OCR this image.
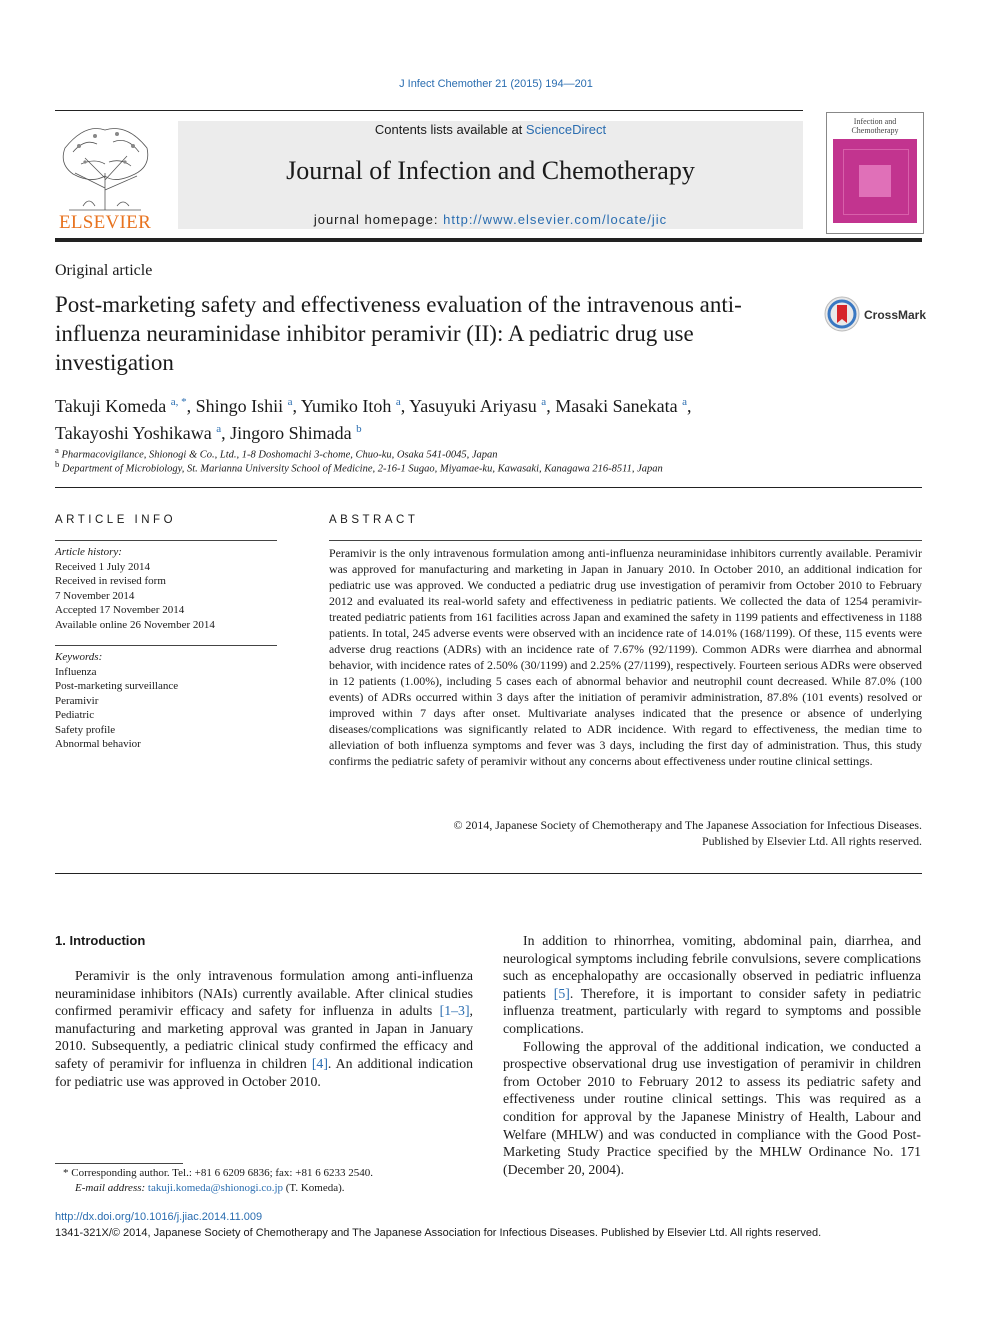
J Infect Chemother 21 (2015) 194—201
ELSEVIER
Contents lists available at ScienceDirect
Journal of Infection and Chemotherapy
journal homepage: http://www.elsevier.com/locate/jic
Infection and Chemotherapy
Original article
Post-marketing safety and effectiveness evaluation of the intravenous anti-influenza neuraminidase inhibitor peramivir (II): A pediatric drug use investigation
CrossMark
Takuji Komeda $^{a, *}$, Shingo Ishii $^a$, Yumiko Itoh $^a$, Yasuyuki Ariyasu $^a$, Masaki Sanekata $^a$,
Takayoshi Yoshikawa $^a$, Jingoro Shimada $^b$
$^a$ Pharmacovigilance, Shionogi & Co., Ltd., 1-8 Doshomachi 3-chome, Chuo-ku, Osaka 541-0045, Japan
$^b$ Department of Microbiology, St. Marianna University School of Medicine, 2-16-1 Sugao, Miyamae-ku, Kawasaki, Kanagawa 216-8511, Japan
ARTICLE INFO
Article history:
Received 1 July 2014
Received in revised form
7 November 2014
Accepted 17 November 2014
Available online 26 November 2014
Keywords:
Influenza
Post-marketing surveillance
Peramivir
Pediatric
Safety profile
Abnormal behavior
ABSTRACT
Peramivir is the only intravenous formulation among anti-influenza neuraminidase inhibitors currently available. Peramivir was approved for manufacturing and marketing in Japan in January 2010. In October 2010, an additional indication for pediatric use was approved. We conducted a pediatric drug use investigation of peramivir from October 2010 to February 2012 and evaluated its real-world safety and effectiveness in pediatric patients. We collected the data of 1254 peramivir-treated pediatric patients from 161 facilities across Japan and examined the safety in 1199 patients and effectiveness in 1188 patients. In total, 245 adverse events were observed with an incidence rate of 14.01% (168/1199). Of these, 115 events were adverse drug reactions (ADRs) with an incidence rate of 7.67% (92/1199). Common ADRs were diarrhea and abnormal behavior, with incidence rates of 2.50% (30/1199) and 2.25% (27/1199), respectively. Fourteen serious ADRs were observed in 12 patients (1.00%), including 5 cases each of abnormal behavior and neutrophil count decreased. While 87.0% (100 events) of ADRs occurred within 3 days after the initiation of peramivir administration, 87.8% (101 events) resolved or improved within 7 days after onset. Multivariate analyses indicated that the presence or absence of underlying diseases/complications was significantly related to ADR incidence. With regard to effectiveness, the median time to alleviation of both influenza symptoms and fever was 3 days, including the first day of administration. Thus, this study confirms the pediatric safety of peramivir without any concerns about effectiveness under routine clinical settings.
© 2014, Japanese Society of Chemotherapy and The Japanese Association for Infectious Diseases.
Published by Elsevier Ltd. All rights reserved.
1. Introduction

Peramivir is the only intravenous formulation among anti-influenza neuraminidase inhibitors (NAIs) currently available. After clinical studies confirmed peramivir efficacy and safety for influenza in adults [1–3], manufacturing and marketing approval was granted in Japan in January 2010. Subsequently, a pediatric clinical study confirmed the efficacy and safety of peramivir for influenza in children [4]. An additional indication for pediatric use was approved in October 2010.

In addition to rhinorrhea, vomiting, abdominal pain, diarrhea, and neurological symptoms including febrile convulsions, severe complications such as encephalopathy are occasionally observed in pediatric influenza patients [5]. Therefore, it is important to consider safety in pediatric influenza treatment, particularly with regard to symptoms and possible complications.

Following the approval of the additional indication, we conducted a prospective observational drug use investigation of peramivir in children from October 2010 to February 2012 to assess its pediatric safety and effectiveness under routine clinical settings. This was required as a condition for approval by the Japanese Ministry of Health, Labour and Welfare (MHLW) and was conducted in compliance with the Good Post-Marketing Study Practice specified by the MHLW Ordinance No. 171 (December 20, 2004).

* Corresponding author. Tel.: +81 6 6209 6836; fax: +81 6 6233 2540.
E-mail address: takuji.komeda@shionogi.co.jp (T. Komeda).
http://dx.doi.org/10.1016/j.jiac.2014.11.009
1341-321X/© 2014, Japanese Society of Chemotherapy and The Japanese Association for Infectious Diseases. Published by Elsevier Ltd. All rights reserved.
